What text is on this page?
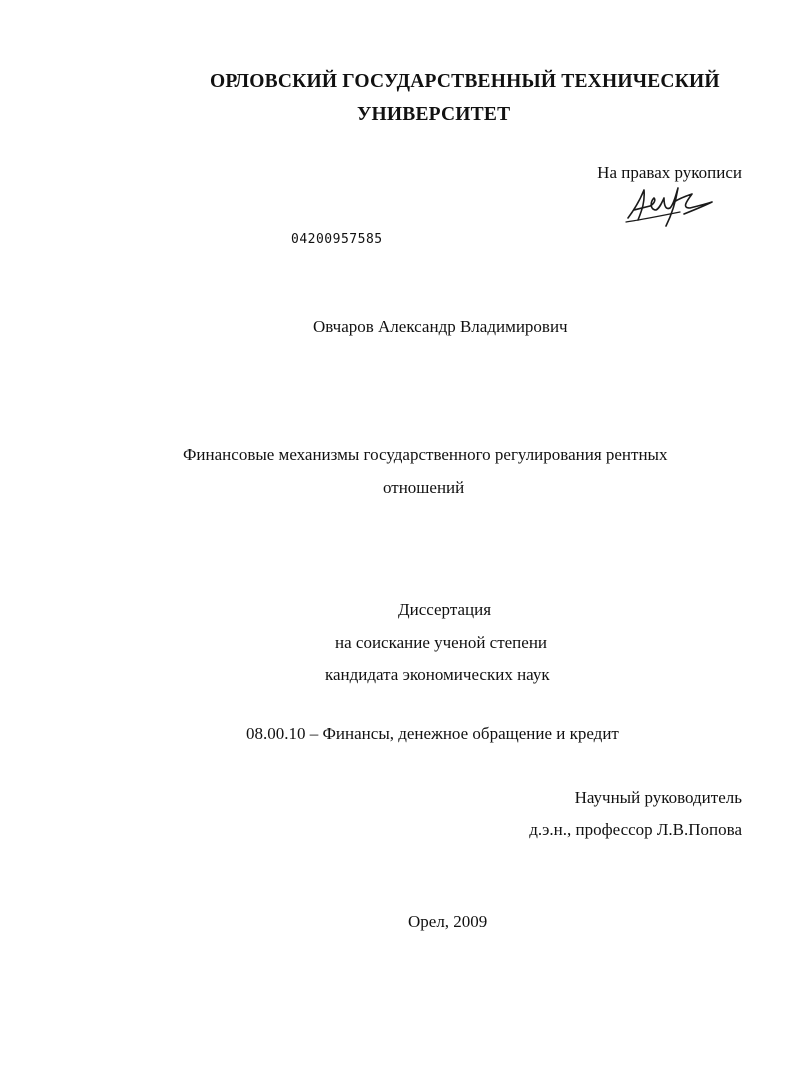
ОРЛОВСКИЙ ГОСУДАРСТВЕННЫЙ ТЕХНИЧЕСКИЙ
УНИВЕРСИТЕТ
На правах рукописи
04200957585
Овчаров Александр Владимирович
Финансовые механизмы государственного регулирования рентных
отношений
Диссертация
на соискание ученой степени
кандидата экономических наук
08.00.10 – Финансы, денежное обращение и кредит
Научный руководитель
д.э.н., профессор Л.В.Попова
Орел, 2009
